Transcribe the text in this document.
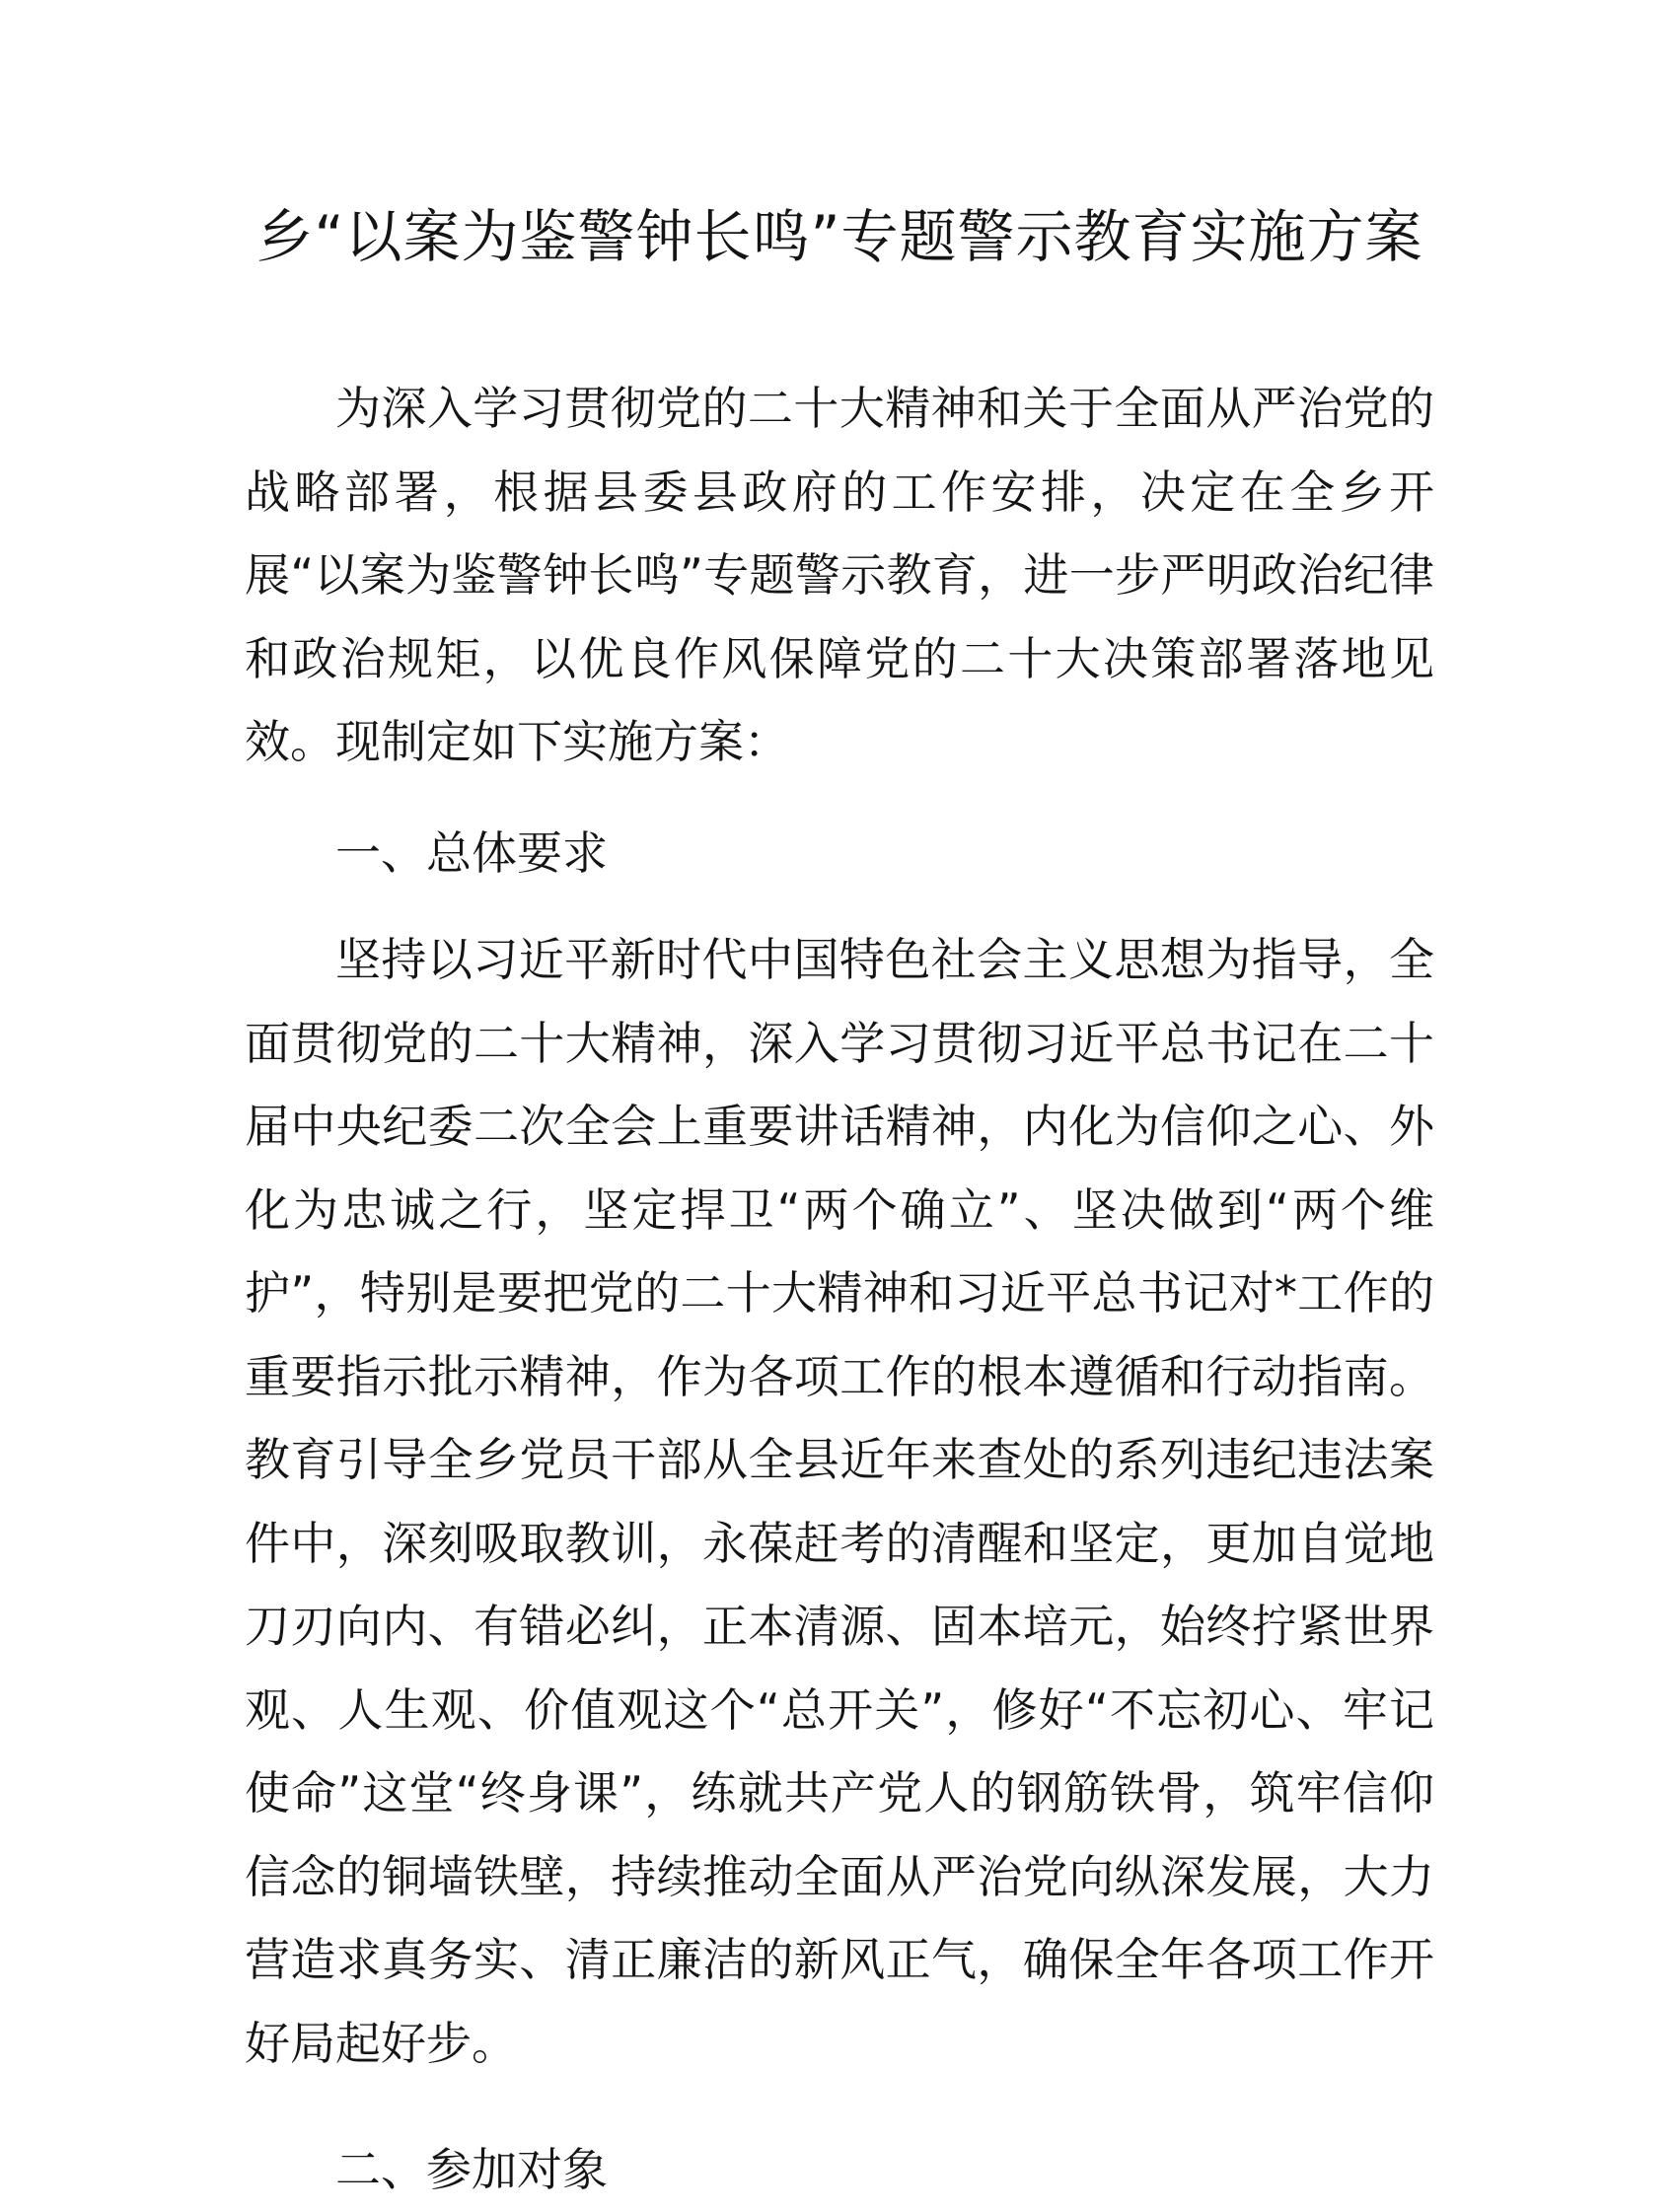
乡“以案为鉴警钟长鸣”专题警示教育实施方案

为深入学习贯彻党的二十大精神和关于全面从严治党的战略部署，根据县委县政府的工作安排，决定在全乡开展“以案为鉴警钟长鸣”专题警示教育，进一步严明政治纪律和政治规矩，以优良作风保障党的二十大决策部署落地见效。现制定如下实施方案：

一、总体要求

坚持以习近平新时代中国特色社会主义思想为指导，全面贯彻党的二十大精神，深入学习贯彻习近平总书记在二十届中央纪委二次全会上重要讲话精神，内化为信仰之心、外化为忠诚之行，坚定捍卫“两个确立”、坚决做到“两个维护”，特别是要把党的二十大精神和习近平总书记对*工作的重要指示批示精神，作为各项工作的根本遵循和行动指南。教育引导全乡党员干部从全县近年来查处的系列违纪违法案件中，深刻吸取教训，永葆赶考的清醒和坚定，更加自觉地刀刃向内、有错必纠，正本清源、固本培元，始终拧紧世界观、人生观、价值观这个“总开关”，修好“不忘初心、牢记使命”这堂“终身课”，练就共产党人的钢筋铁骨，筑牢信仰信念的铜墙铁壁，持续推动全面从严治党向纵深发展，大力营造求真务实、清正廉洁的新风正气，确保全年各项工作开好局起好步。

二、参加对象
